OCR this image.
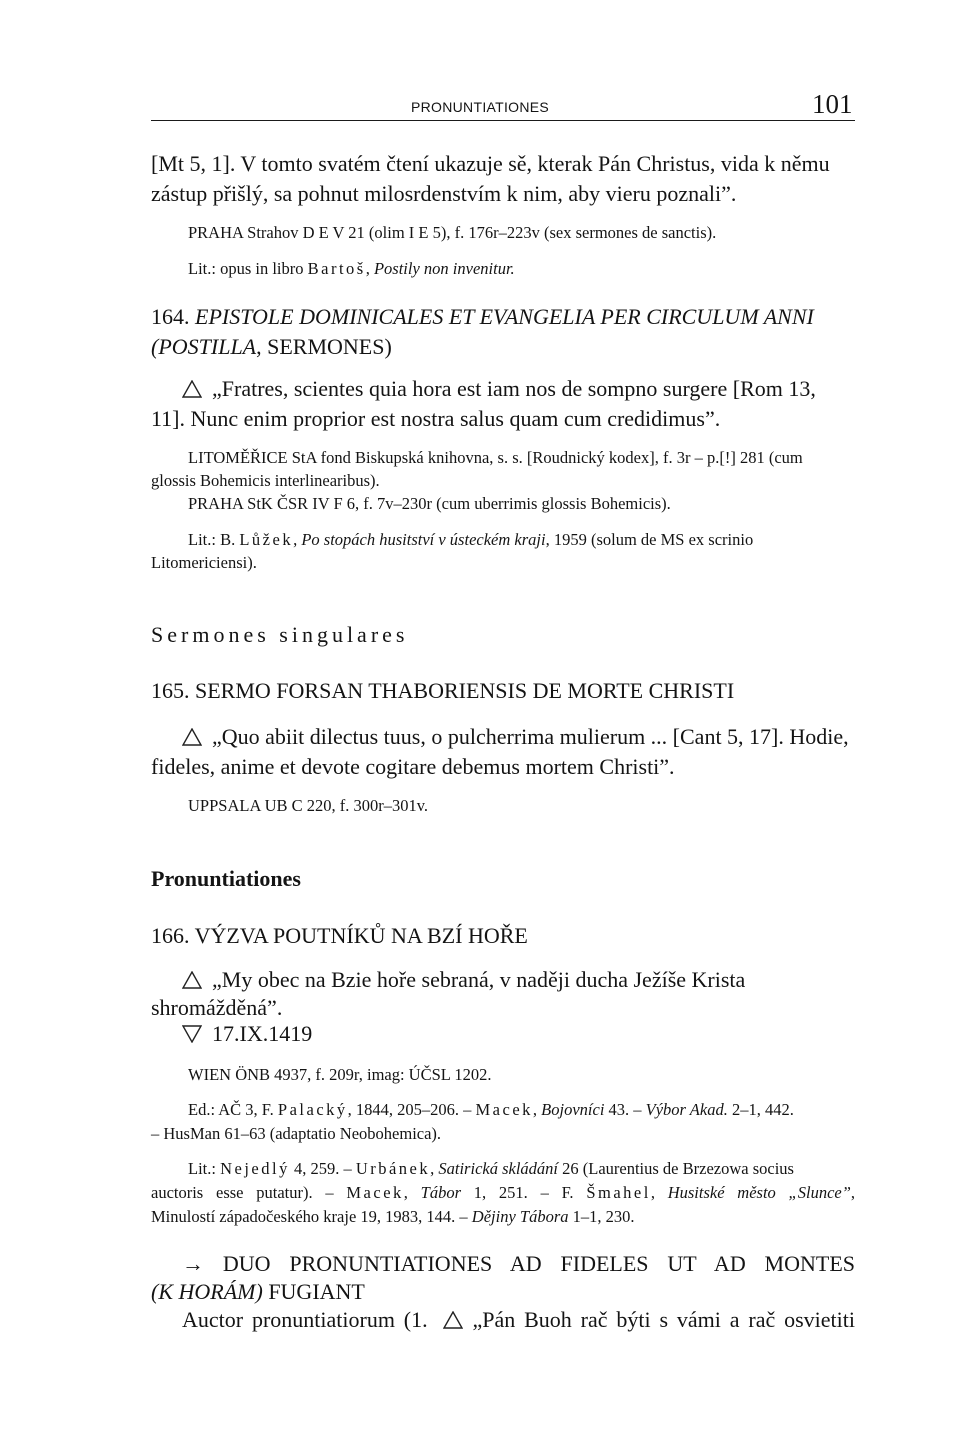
PRONUNTIATIONES	101
[Mt 5, 1]. V tomto svatém čtení ukazuje sě, kterak Pán Christus, vida k němu
zástup přišlý, sa pohnut milosrdenstvím k nim, aby vieru poznali”.
PRAHA Strahov D E V 21 (olim I E 5), f. 176r–223v (sex sermones de sanctis).
Lit.: opus in libro Bartoš, Postily non invenitur.
164. EPISTOLE DOMINICALES ET EVANGELIA PER CIRCULUM ANNI
(POSTILLA, SERMONES)
„Fratres, scientes quia hora est iam nos de sompno surgere [Rom 13,
11]. Nunc enim proprior est nostra salus quam cum credidimus”.
LITOMĚŘICE StA fond Biskupská knihovna, s. s. [Roudnický kodex], f. 3r – p.[!] 281 (cum
glossis Bohemicis interlinearibus).
PRAHA StK ČSR IV F 6, f. 7v–230r (cum uberrimis glossis Bohemicis).
Lit.: B. Lůžek, Po stopách husitství v ústeckém kraji, 1959 (solum de MS ex scrinio
Litomericiensi).
Sermones singulares
165. SERMO FORSAN THABORIENSIS DE MORTE CHRISTI
„Quo abiit dilectus tuus, o pulcherrima mulierum ... [Cant 5, 17]. Hodie,
fideles, anime et devote cogitare debemus mortem Christi”.
UPPSALA UB C 220, f. 300r–301v.
Pronuntiationes
166. VÝZVA POUTNÍKŮ NA BZÍ HOŘE
„My obec na Bzie hoře sebraná, v naději ducha Ježíše Krista
shromážděná”.
17.IX.1419
WIEN ÖNB 4937, f. 209r, imag: ÚČSL 1202.
Ed.: AČ 3, F. Palacký, 1844, 205–206. – Macek, Bojovníci 43. – Výbor Akad. 2–1, 442.
– HusMan 61–63 (adaptatio Neobohemica).
Lit.: Nejedlý 4, 259. – Urbánek, Satirická skládání 26 (Laurentius de Brzezowa socius
auctoris esse putatur). – Macek, Tábor 1, 251. – F. Šmahel, Husitské město „Slunce”,
Minulostí západočeského kraje 19, 1983, 144. – Dějiny Tábora 1–1, 230.
→ DUO PRONUNTIATIONES AD FIDELES UT AD MONTES
(K HORÁM) FUGIANT
Auctor pronuntiatiorum (1.
„Pán Buoh rač býti s vámi a rač osvietiti
